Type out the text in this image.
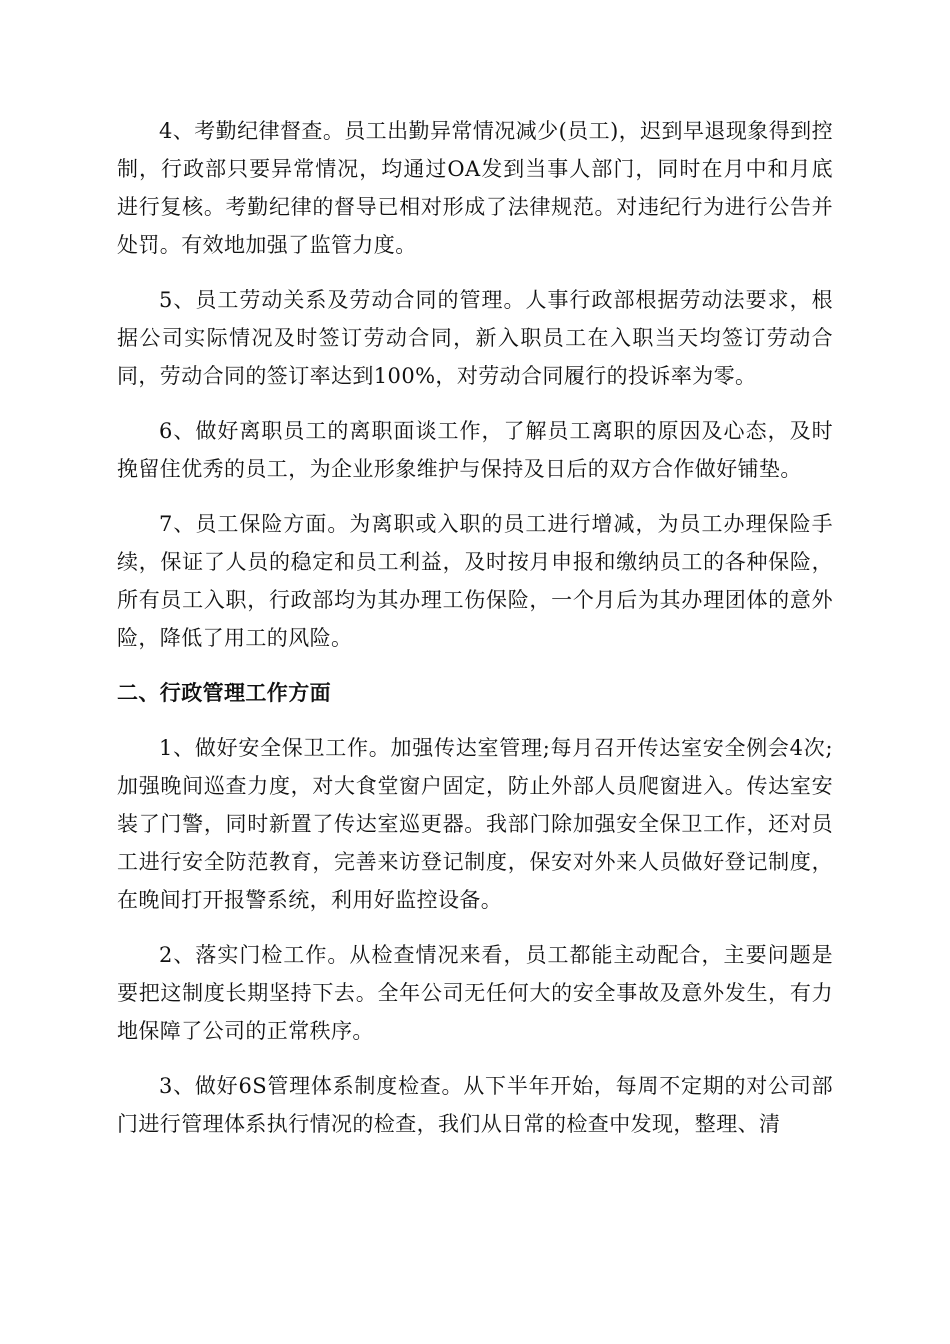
4、考勤纪律督查。员工出勤异常情况减少(员工)，迟到早退现象得到控制，行政部只要异常情况，均通过OA发到当事人部门，同时在月中和月底进行复核。考勤纪律的督导已相对形成了法律规范。对违纪行为进行公告并处罚。有效地加强了监管力度。

5、员工劳动关系及劳动合同的管理。人事行政部根据劳动法要求，根据公司实际情况及时签订劳动合同，新入职员工在入职当天均签订劳动合同，劳动合同的签订率达到100%，对劳动合同履行的投诉率为零。

6、做好离职员工的离职面谈工作，了解员工离职的原因及心态，及时挽留住优秀的员工，为企业形象维护与保持及日后的双方合作做好铺垫。

7、员工保险方面。为离职或入职的员工进行增减，为员工办理保险手续，保证了人员的稳定和员工利益，及时按月申报和缴纳员工的各种保险，所有员工入职，行政部均为其办理工伤保险，一个月后为其办理团体的意外险，降低了用工的风险。

二、行政管理工作方面

1、做好安全保卫工作。加强传达室管理;每月召开传达室安全例会4次;加强晚间巡查力度，对大食堂窗户固定，防止外部人员爬窗进入。传达室安装了门警，同时新置了传达室巡更器。我部门除加强安全保卫工作，还对员工进行安全防范教育，完善来访登记制度，保安对外来人员做好登记制度，在晚间打开报警系统，利用好监控设备。

2、落实门检工作。从检查情况来看，员工都能主动配合，主要问题是要把这制度长期坚持下去。全年公司无任何大的安全事故及意外发生，有力地保障了公司的正常秩序。

3、做好6S管理体系制度检查。从下半年开始，每周不定期的对公司部门进行管理体系执行情况的检查，我们从日常的检查中发现，整理、清
